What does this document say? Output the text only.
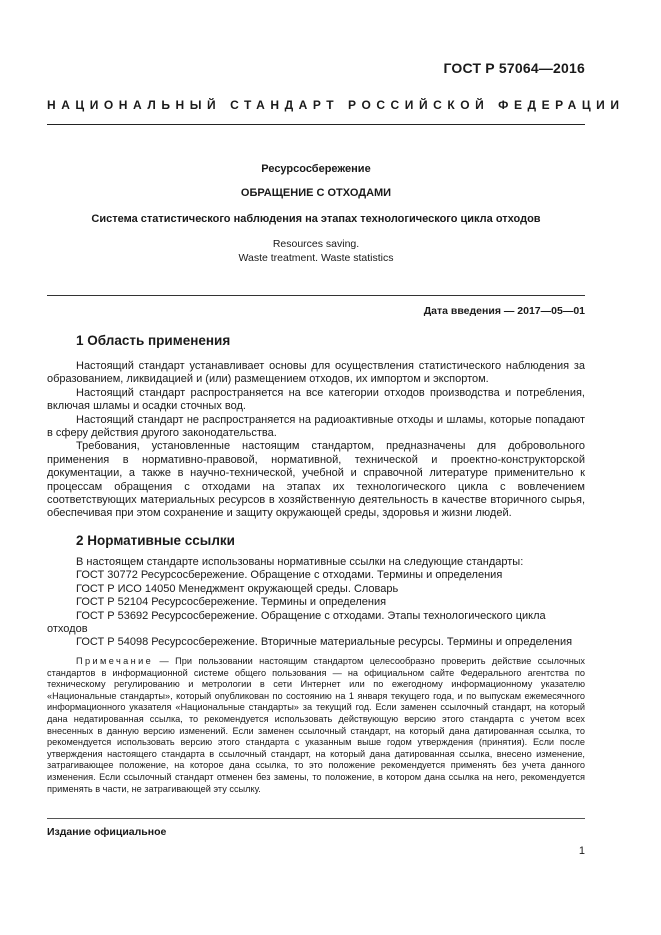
ГОСТ Р 57064—2016
НАЦИОНАЛЬНЫЙ СТАНДАРТ РОССИЙСКОЙ ФЕДЕРАЦИИ
Ресурсосбережение
ОБРАЩЕНИЕ С ОТХОДАМИ
Система статистического наблюдения на этапах технологического цикла отходов
Resources saving.
Waste treatment. Waste statistics
Дата введения — 2017—05—01
1 Область применения

Настоящий стандарт устанавливает основы для осуществления статистического наблюдения за образованием, ликвидацией и (или) размещением отходов, их импортом и экспортом.

Настоящий стандарт распространяется на все категории отходов производства и потребления, включая шламы и осадки сточных вод.

Настоящий стандарт не распространяется на радиоактивные отходы и шламы, которые попадают в сферу действия другого законодательства.

Требования, установленные настоящим стандартом, предназначены для добровольного применения в нормативно-правовой, нормативной, технической и проектно-конструкторской документации, а также в научно-технической, учебной и справочной литературе применительно к процессам обращения с отходами на этапах их технологического цикла с вовлечением соответствующих материальных ресурсов в хозяйственную деятельность в качестве вторичного сырья, обеспечивая при этом сохранение и защиту окружающей среды, здоровья и жизни людей.

2 Нормативные ссылки

В настоящем стандарте использованы нормативные ссылки на следующие стандарты:

ГОСТ 30772 Ресурсосбережение. Обращение с отходами. Термины и определения

ГОСТ Р ИСО 14050 Менеджмент окружающей среды. Словарь

ГОСТ Р 52104 Ресурсосбережение. Термины и определения

ГОСТ Р 53692 Ресурсосбережение. Обращение с отходами. Этапы технологического цикла отходов

ГОСТ Р 54098 Ресурсосбережение. Вторичные материальные ресурсы. Термины и определения

Примечание — При пользовании настоящим стандартом целесообразно проверить действие ссылочных стандартов в информационной системе общего пользования — на официальном сайте Федерального агентства по техническому регулированию и метрологии в сети Интернет или по ежегодному информационному указателю «Национальные стандарты», который опубликован по состоянию на 1 января текущего года, и по выпускам ежемесячного информационного указателя «Национальные стандарты» за текущий год. Если заменен ссылочный стандарт, на который дана недатированная ссылка, то рекомендуется использовать действующую версию этого стандарта с учетом всех внесенных в данную версию изменений. Если заменен ссылочный стандарт, на который дана датированная ссылка, то рекомендуется использовать версию этого стандарта с указанным выше годом утверждения (принятия). Если после утверждения настоящего стандарта в ссылочный стандарт, на который дана датированная ссылка, внесено изменение, затрагивающее положение, на которое дана ссылка, то это положение рекомендуется применять без учета данного изменения. Если ссылочный стандарт отменен без замены, то положение, в котором дана ссылка на него, рекомендуется применять в части, не затрагивающей эту ссылку.
Издание официальное
1
